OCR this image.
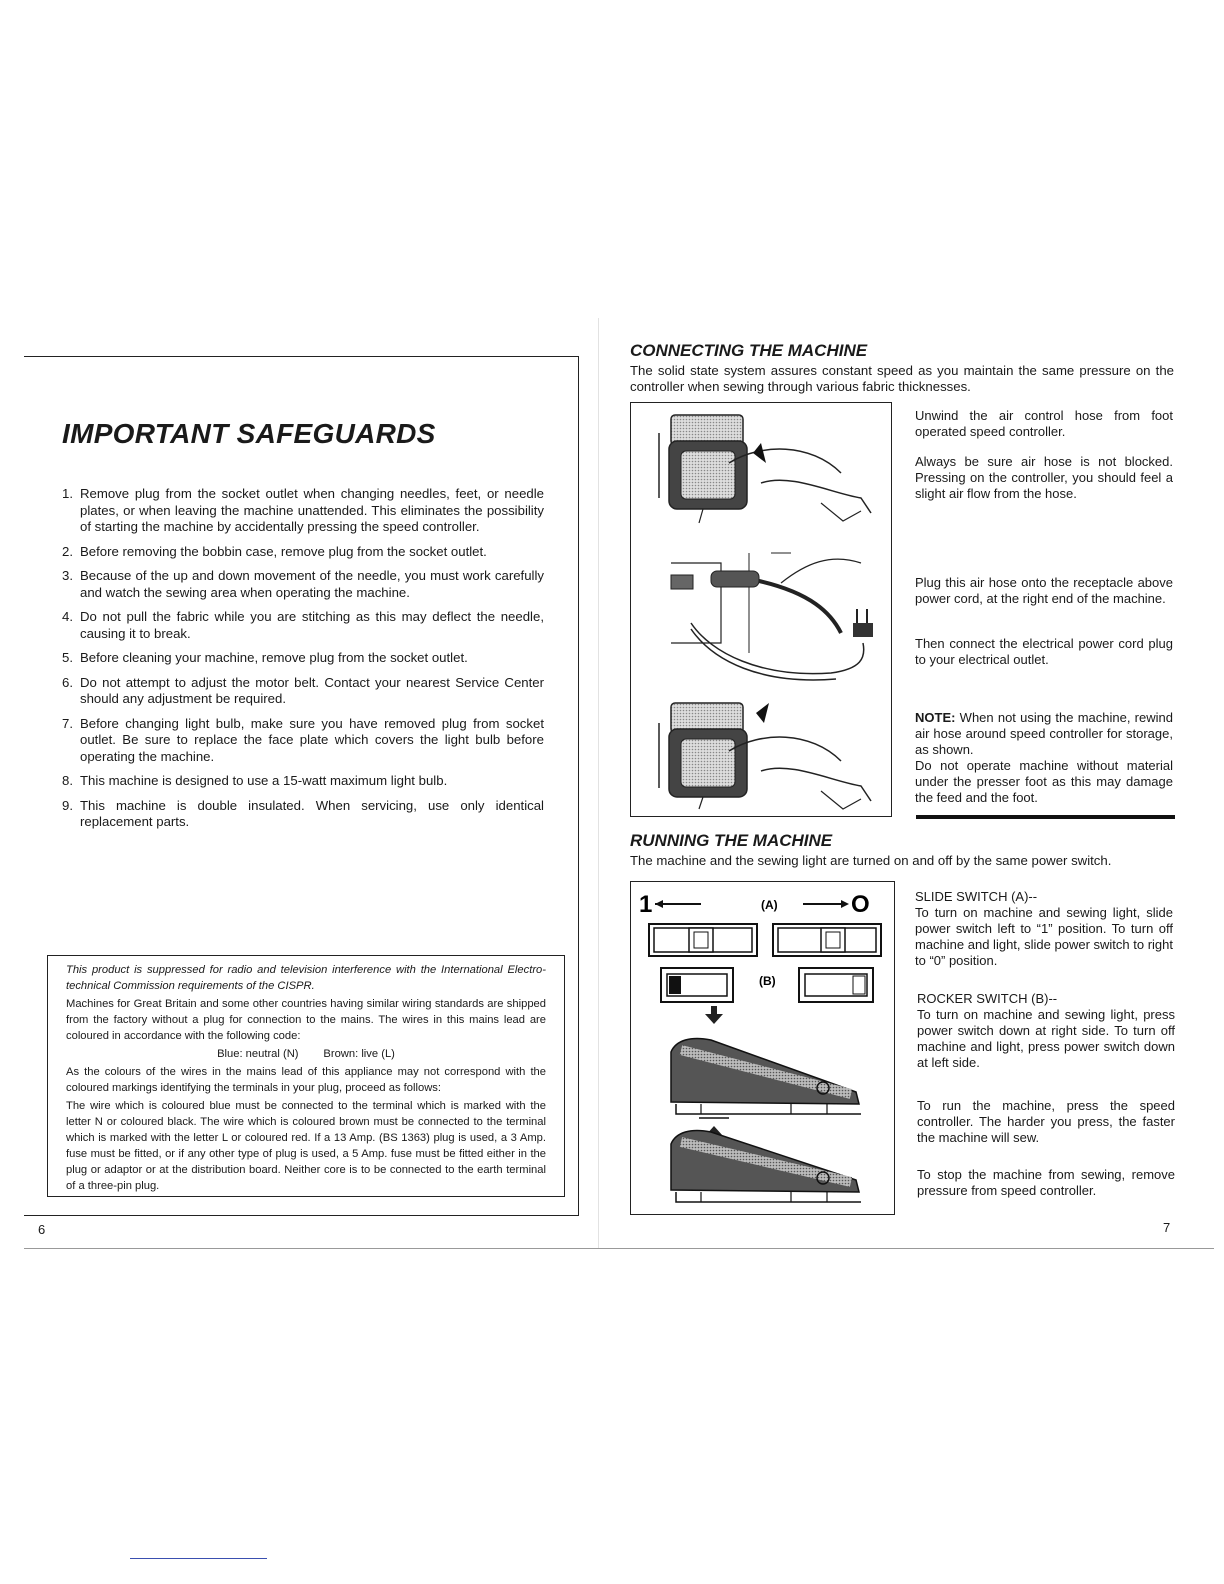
IMPORTANT SAFEGUARDS
1. Remove plug from the socket outlet when changing needles, feet, or needle plates, or when leaving the machine unattended. This eliminates the possibility of starting the machine by accidentally pressing the speed controller.
2. Before removing the bobbin case, remove plug from the socket outlet.
3. Because of the up and down movement of the needle, you must work carefully and watch the sewing area when operating the machine.
4. Do not pull the fabric while you are stitching as this may deflect the needle, causing it to break.
5. Before cleaning your machine, remove plug from the socket outlet.
6. Do not attempt to adjust the motor belt. Contact your nearest Service Center should any adjustment be required.
7. Before changing light bulb, make sure you have removed plug from socket outlet. Be sure to replace the face plate which covers the light bulb before operating the machine.
8. This machine is designed to use a 15-watt maximum light bulb.
9. This machine is double insulated. When servicing, use only identical replacement parts.

This product is suppressed for radio and television interference with the International Electro-technical Commission requirements of the CISPR.

Machines for Great Britain and some other countries having similar wiring standards are shipped from the factory without a plug for connection to the mains. The wires in this mains lead are coloured in accordance with the following code:

Blue: neutral (N)        Brown: live (L)

As the colours of the wires in the mains lead of this appliance may not correspond with the coloured markings identifying the terminals in your plug, proceed as follows:

The wire which is coloured blue must be connected to the terminal which is marked with the letter N or coloured black. The wire which is coloured brown must be connected to the terminal which is marked with the letter L or coloured red. If a 13 Amp. (BS 1363) plug is used, a 3 Amp. fuse must be fitted, or if any other type of plug is used, a 5 Amp. fuse must be fitted either in the plug or adaptor or at the distribution board. Neither core is to be connected to the earth terminal of a three-pin plug.

6
CONNECTING THE MACHINE
The solid state system assures constant speed as you maintain the same pressure on the controller when sewing through various fabric thicknesses.

Unwind the air control hose from foot operated speed controller.

Always be sure air hose is not blocked. Pressing on the controller, you should feel a slight air flow from the hose.

Plug this air hose onto the receptacle above power cord, at the right end of the machine.

Then connect the electrical power cord plug to your electrical outlet.

NOTE: When not using the machine, rewind air hose around speed controller for storage, as shown.
Do not operate machine without material under the presser foot as this may damage the feed and the foot.
RUNNING THE MACHINE
The machine and the sewing light are turned on and off by the same power switch.
1	(A)	O
(B)
SLIDE SWITCH (A)--
To turn on machine and sewing light, slide power switch left to “1” position. To turn off machine and light, slide power switch to right to “0” position.
ROCKER SWITCH (B)--
To turn on machine and sewing light, press power switch down at right side. To turn off machine and light, press power switch down at left side.

To run the machine, press the speed controller. The harder you press, the faster the machine will sew.

To stop the machine from sewing, remove pressure from speed controller.

7
